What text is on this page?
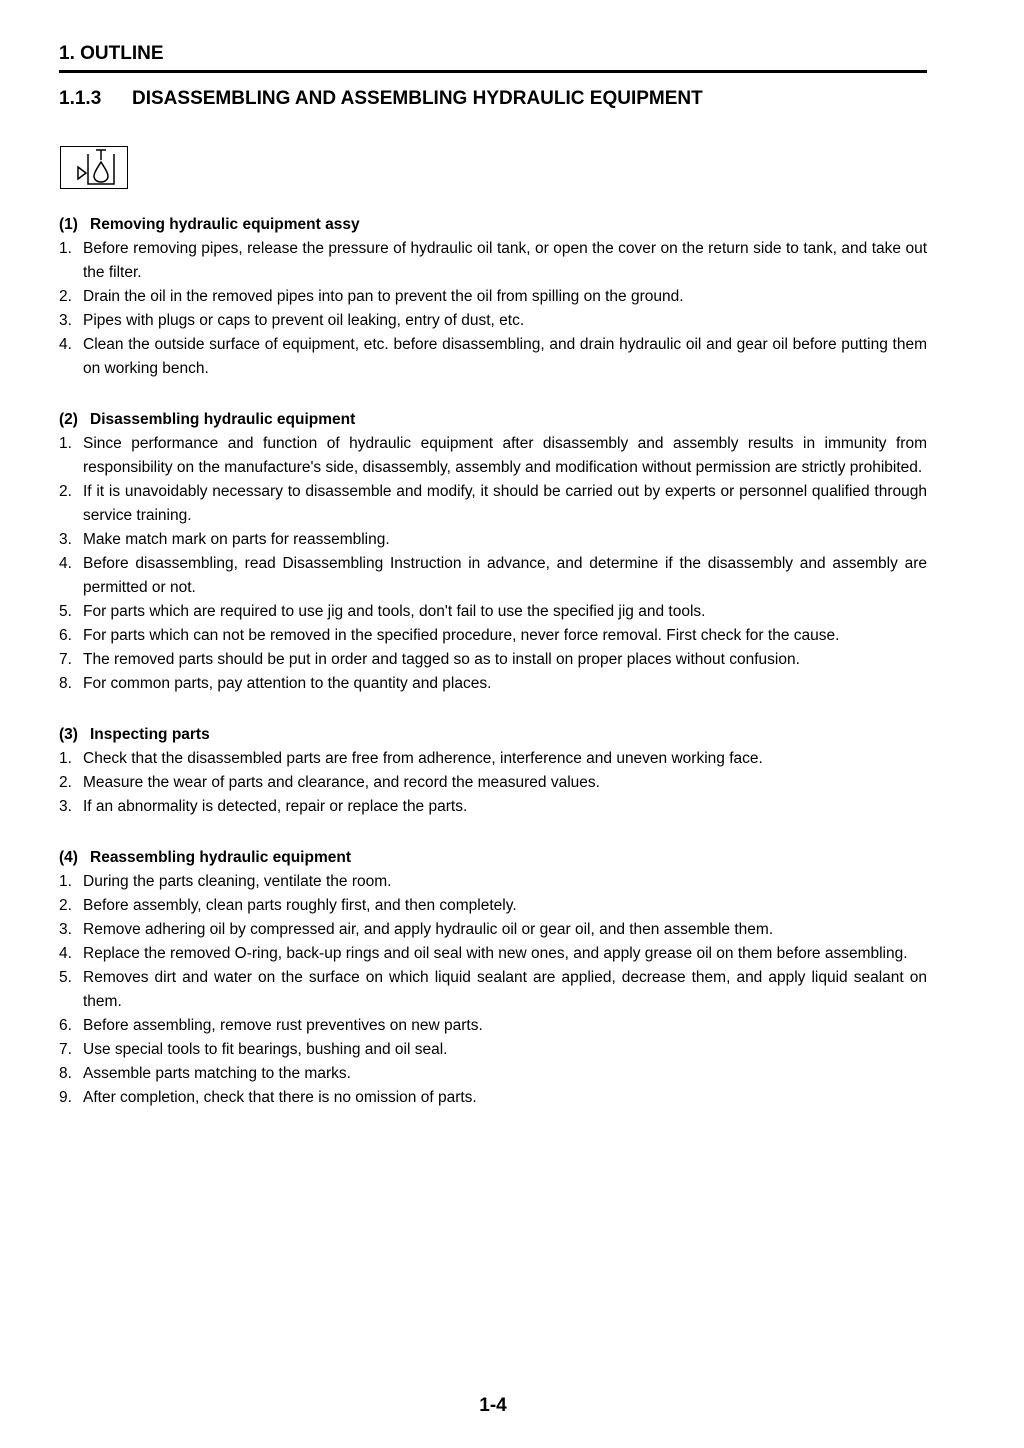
1. OUTLINE
1.1.3 DISASSEMBLING AND ASSEMBLING HYDRAULIC EQUIPMENT
(1) Removing hydraulic equipment assy
1. Before removing pipes, release the pressure of hydraulic oil tank, or open the cover on the return side to tank, and take out the filter.
2. Drain the oil in the removed pipes into pan to prevent the oil from spilling on the ground.
3. Pipes with plugs or caps to prevent oil leaking, entry of dust, etc.
4. Clean the outside surface of equipment, etc. before disassembling, and drain hydraulic oil and gear oil before putting them on working bench.
(2) Disassembling hydraulic equipment
1. Since performance and function of hydraulic equipment after disassembly and assembly results in immunity from responsibility on the manufacture's side, disassembly, assembly and modification without permission are strictly prohibited.
2. If it is unavoidably necessary to disassemble and modify, it should be carried out by experts or personnel qualified through service training.
3. Make match mark on parts for reassembling.
4. Before disassembling, read Disassembling Instruction in advance, and determine if the disassembly and assembly are permitted or not.
5. For parts which are required to use jig and tools, don't fail to use the specified jig and tools.
6. For parts which can not be removed in the specified procedure, never force removal. First check for the cause.
7. The removed parts should be put in order and tagged so as to install on proper places without confusion.
8. For common parts, pay attention to the quantity and places.
(3) Inspecting parts
1. Check that the disassembled parts are free from adherence, interference and uneven working face.
2. Measure the wear of parts and clearance, and record the measured values.
3. If an abnormality is detected, repair or replace the parts.
(4) Reassembling hydraulic equipment
1. During the parts cleaning, ventilate the room.
2. Before assembly, clean parts roughly first, and then completely.
3. Remove adhering oil by compressed air, and apply hydraulic oil or gear oil, and then assemble them.
4. Replace the removed O-ring, back-up rings and oil seal with new ones, and apply grease oil on them before assembling.
5. Removes dirt and water on the surface on which liquid sealant are applied, decrease them, and apply liquid sealant on them.
6. Before assembling, remove rust preventives on new parts.
7. Use special tools to fit bearings, bushing and oil seal.
8. Assemble parts matching to the marks.
9. After completion, check that there is no omission of parts.
1-4
